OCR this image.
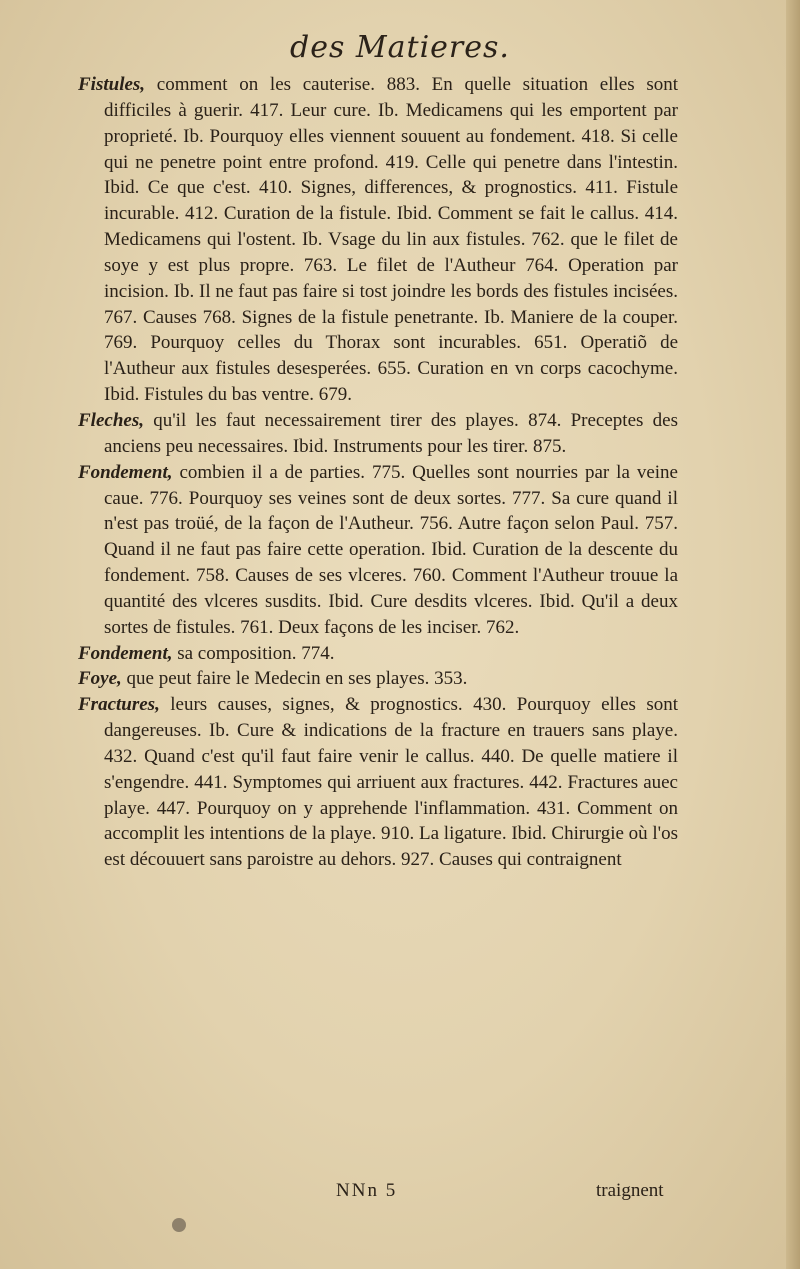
des Matieres.

Fistules, comment on les cauterise. 883. En quelle situation elles sont difficiles à guerir. 417. Leur cure. Ib. Medicamens qui les emportent par proprieté. Ib. Pourquoy elles viennent souuent au fondement. 418. Si celle qui ne penetre point entre profond. 419. Celle qui penetre dans l'intestin. Ibid. Ce que c'est. 410. Signes, differences, & prognostics. 411. Fistule incurable. 412. Curation de la fistule. Ibid. Comment se fait le callus. 414. Medicamens qui l'ostent. Ib. Vsage du lin aux fistules. 762. que le filet de soye y est plus propre. 763. Le filet de l'Autheur 764. Operation par incision. Ib. Il ne faut pas faire si tost joindre les bords des fistules incisées. 767. Causes 768. Signes de la fistule penetrante. Ib. Maniere de la couper. 769. Pourquoy celles du Thorax sont incurables. 651. Operatiõ de l'Autheur aux fistules desesperées. 655. Curation en vn corps cacochyme. Ibid. Fistules du bas ventre. 679.

Fleches, qu'il les faut necessairement tirer des playes. 874. Preceptes des anciens peu necessaires. Ibid. Instruments pour les tirer. 875.

Fondement, combien il a de parties. 775. Quelles sont nourries par la veine caue. 776. Pourquoy ses veines sont de deux sortes. 777. Sa cure quand il n'est pas troüé, de la façon de l'Autheur. 756. Autre façon selon Paul. 757. Quand il ne faut pas faire cette operation. Ibid. Curation de la descente du fondement. 758. Causes de ses vlceres. 760. Comment l'Autheur trouue la quantité des vlceres susdits. Ibid. Cure desdits vlceres. Ibid. Qu'il a deux sortes de fistules. 761. Deux façons de les inciser. 762.

Fondement, sa composition. 774.

Foye, que peut faire le Medecin en ses playes. 353.

Fractures, leurs causes, signes, & prognostics. 430. Pourquoy elles sont dangereuses. Ib. Cure & indications de la fracture en trauers sans playe. 432. Quand c'est qu'il faut faire venir le callus. 440. De quelle matiere il s'engendre. 441. Symptomes qui arriuent aux fractures. 442. Fractures auec playe. 447. Pourquoy on y apprehende l'inflammation. 431. Comment on accomplit les intentions de la playe. 910. La ligature. Ibid. Chirurgie où l'os est découuert sans paroistre au dehors. 927. Causes qui contraignent

NNn 5	traignent
